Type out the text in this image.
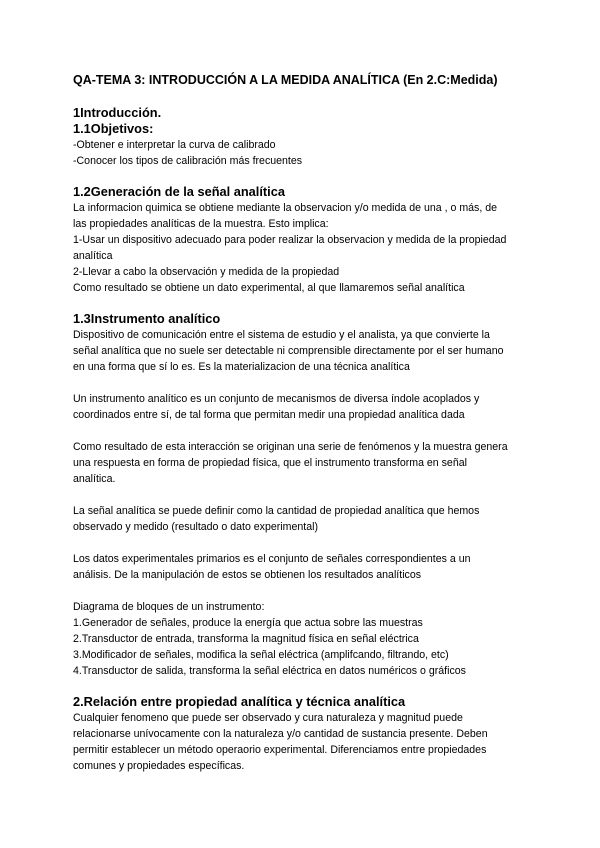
QA-TEMA 3: INTRODUCCIÓN A LA MEDIDA ANALÍTICA (En 2.C:Medida)
1Introducción.
1.1Objetivos:
-Obtener e interpretar la curva de calibrado
-Conocer los tipos de calibración más frecuentes
1.2Generación de la señal analítica
La informacion quimica se obtiene mediante la observacion y/o medida de una , o más, de
las propiedades analíticas de la muestra. Esto implica:
1-Usar un dispositivo adecuado para poder realizar la observacion y medida de la propiedad
analítica
2-Llevar a cabo la observación y medida de la propiedad
Como resultado se obtiene un dato experimental, al que llamaremos señal analítica
1.3Instrumento analítico
Dispositivo de comunicación entre el sistema de estudio y el analista, ya que convierte la
señal analítica que no suele ser detectable ni comprensible directamente por el ser humano
en una forma que sí lo es. Es la materializacion de una técnica analítica
Un instrumento analítico es un conjunto de mecanismos de diversa índole acoplados y
coordinados entre sí, de tal forma que permitan medir una propiedad analítica dada
Como resultado de esta interacción se originan una serie de fenómenos y la muestra genera
una respuesta en forma de propiedad física, que el instrumento transforma en señal
analítica.
La señal analítica se puede definir como la cantidad de propiedad analítica que hemos
observado y medido (resultado o dato experimental)
Los datos experimentales primarios es el conjunto de señales correspondientes a un
análisis. De la manipulación de estos se obtienen los resultados analíticos
Diagrama de bloques de un instrumento:
1.Generador de señales, produce la energía que actua sobre las muestras
2.Transductor de entrada, transforma la magnitud física en señal eléctrica
3.Modificador de señales, modifica la señal eléctrica (amplifcando, filtrando, etc)
4.Transductor de salida, transforma la señal eléctrica en datos numéricos o gráficos
2.Relación entre propiedad analítica y técnica analítica
Cualquier fenomeno que puede ser observado y cura naturaleza y magnitud puede
relacionarse unívocamente con la naturaleza y/o cantidad de sustancia presente. Deben
permitir establecer un método operaorio experimental. Diferenciamos entre propiedades
comunes y propiedades específicas.
